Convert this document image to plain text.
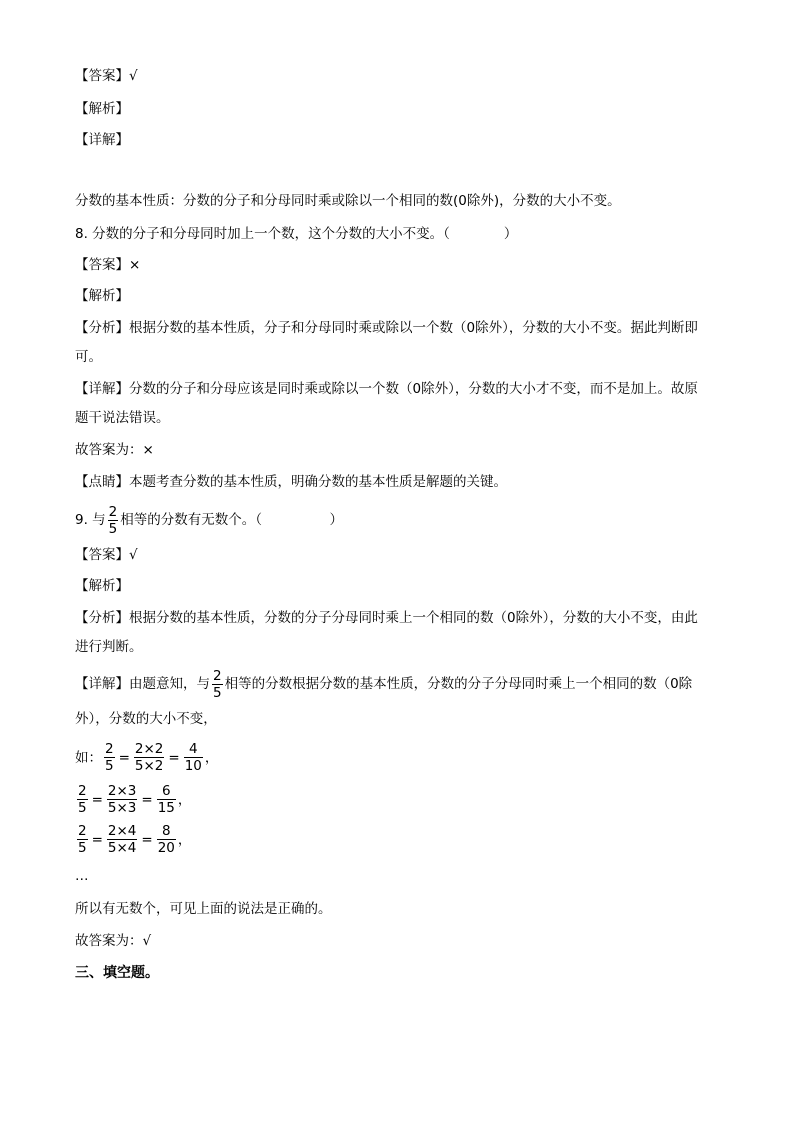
【答案】√
【解析】
【详解】
分数的基本性质：分数的分子和分母同时乘或除以一个相同的数(0除外)，分数的大小不变。
8. 分数的分子和分母同时加上一个数，这个分数的大小不变。（　　　　）
【答案】×
【解析】
【分析】根据分数的基本性质，分子和分母同时乘或除以一个数（0除外），分数的大小不变。据此判断即
可。
【详解】分数的分子和分母应该是同时乘或除以一个数（0除外），分数的大小才不变，而不是加上。故原
题干说法错误。
故答案为：×
【点睛】本题考查分数的基本性质，明确分数的基本性质是解题的关键。
9. 与 $\frac{2}{5}$ 相等的分数有无数个。（　　　　　）
【答案】√
【解析】
【分析】根据分数的基本性质，分数的分子分母同时乘上一个相同的数（0除外），分数的大小不变，由此
进行判断。
【详解】由题意知，与 $\frac{2}{5}$ 相等的分数根据分数的基本性质，分数的分子分母同时乘上一个相同的数（0除
外），分数的大小不变，
如： $\frac{2}{5} = \frac{2\times 2}{5\times 2} = \frac{4}{10}$ ，
$\frac{2}{5} = \frac{2\times 3}{5\times 3} = \frac{6}{15}$ ，
$\frac{2}{5} = \frac{2\times 4}{5\times 4} = \frac{8}{20}$ ，
…
所以有无数个，可见上面的说法是正确的。
故答案为：√
三、填空题。
